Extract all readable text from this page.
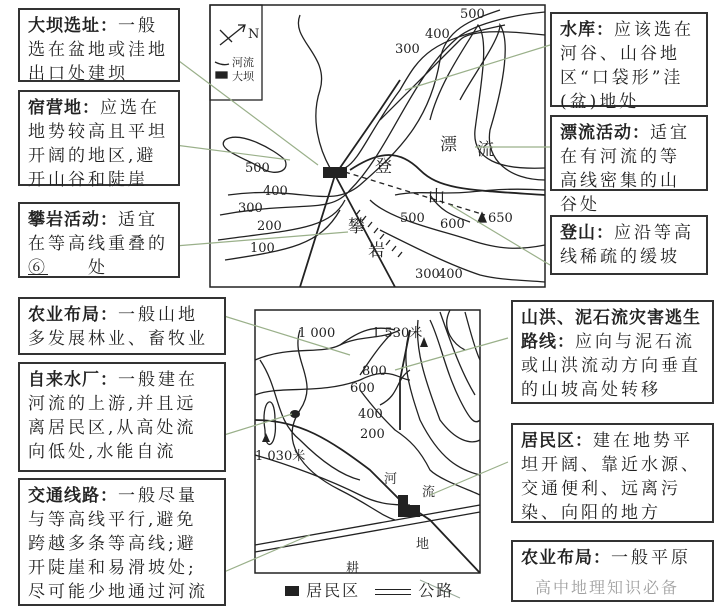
N
河流
大坝
500
400
300
200
100
500
400
300
500 600
300
400
650
漂 流
登
山
攀
岩
1 000
800
600
400
200
1 530米
1 030米
河
流
耕
地
大坝选址：一般选在盆地或洼地出口处建坝
宿营地：应选在地势较高且平坦开阔的地区,避开山谷和陡崖
攀岩活动：适宜在等高线重叠的⑥ 处
水库：应该选在河谷、山谷地区“口袋形”洼(盆)地处
漂流活动：适宜在有河流的等高线密集的山谷处
登山：应沿等高线稀疏的缓坡
农业布局：一般山地多发展林业、畜牧业
自来水厂：一般建在河流的上游,并且远离居民区,从高处流向低处,水能自流
交通线路：一般尽量与等高线平行,避免跨越多条等高线;避开陡崖和易滑坡处;尽可能少地通过河流
山洪、泥石流灾害逃生路线：应向与泥石流或山洪流动方向垂直的山坡高处转移
居民区：建在地势平坦开阔、靠近水源、交通便利、远离污染、向阳的地方
农业布局：一般平原
居民区	公路	高中地理知识必备
